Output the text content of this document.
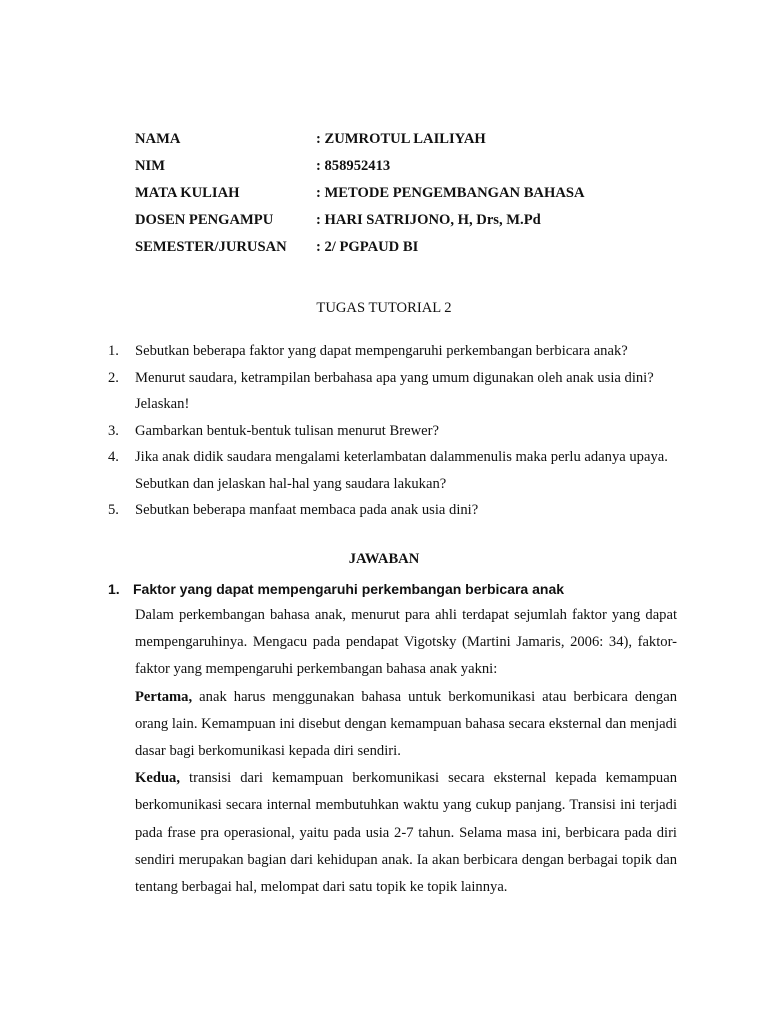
NAMA	: ZUMROTUL LAILIYAH
NIM	: 858952413
MATA KULIAH	: METODE PENGEMBANGAN BAHASA
DOSEN PENGAMPU	: HARI SATRIJONO, H, Drs, M.Pd
SEMESTER/JURUSAN	: 2/ PGPAUD BI
TUGAS TUTORIAL 2
1.	Sebutkan beberapa faktor yang dapat mempengaruhi perkembangan berbicara anak?
2.	Menurut saudara, ketrampilan berbahasa apa yang umum digunakan oleh anak usia dini? Jelaskan!
3.	Gambarkan bentuk-bentuk tulisan menurut Brewer?
4.	Jika anak didik saudara mengalami keterlambatan dalammenulis maka perlu adanya upaya. Sebutkan dan jelaskan hal-hal yang saudara lakukan?
5.	Sebutkan beberapa manfaat membaca pada anak usia dini?
JAWABAN
1. Faktor yang dapat mempengaruhi perkembangan berbicara anak

Dalam perkembangan bahasa anak, menurut para ahli terdapat sejumlah faktor yang dapat mempengaruhinya. Mengacu pada pendapat Vigotsky (Martini Jamaris, 2006: 34), faktor-faktor yang mempengaruhi perkembangan bahasa anak yakni:

Pertama, anak harus menggunakan bahasa untuk berkomunikasi atau berbicara dengan orang lain. Kemampuan ini disebut dengan kemampuan bahasa secara eksternal dan menjadi dasar bagi berkomunikasi kepada diri sendiri.

Kedua, transisi dari kemampuan berkomunikasi secara eksternal kepada kemampuan berkomunikasi secara internal membutuhkan waktu yang cukup panjang. Transisi ini terjadi pada frase pra operasional, yaitu pada usia 2-7 tahun. Selama masa ini, berbicara pada diri sendiri merupakan bagian dari kehidupan anak. Ia akan berbicara dengan berbagai topik dan tentang berbagai hal, melompat dari satu topik ke topik lainnya.
